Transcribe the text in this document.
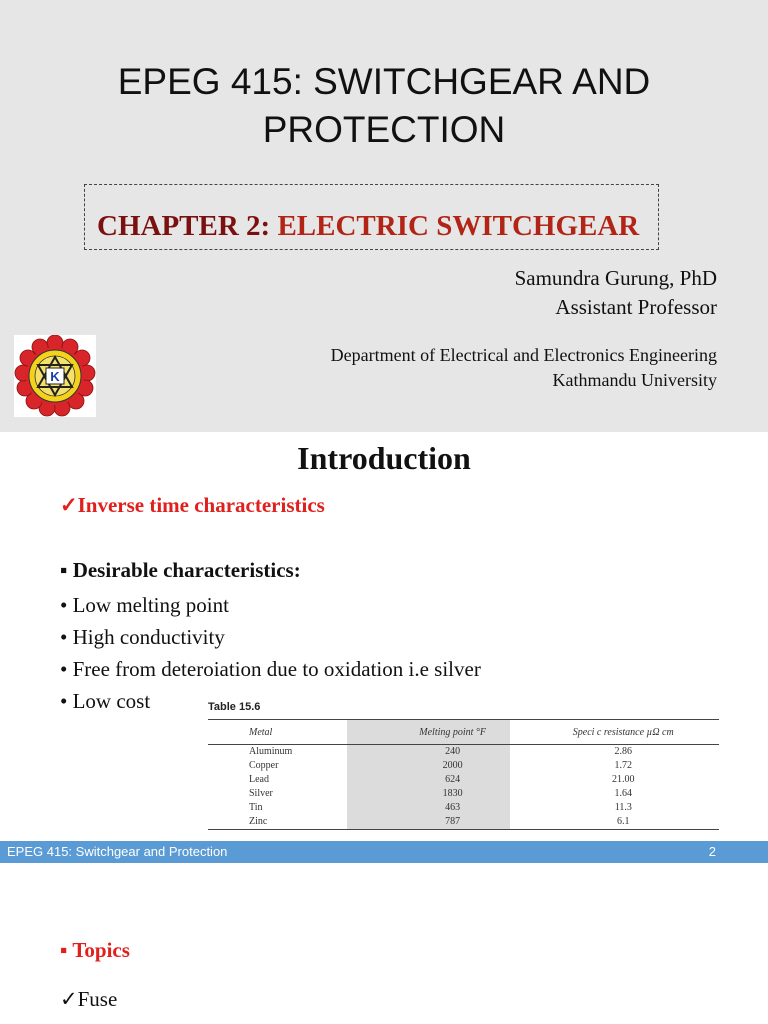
EPEG 415: SWITCHGEAR AND
PROTECTION
CHAPTER 2: ELECTRIC SWITCHGEAR
Samundra Gurung, PhD
Assistant Professor
Department of Electrical and Electronics Engineering
Kathmandu University
K
Introduction
✓Inverse time characteristics
▪ Desirable characteristics:
• Low melting point
• High conductivity
• Free from deteroiation due to oxidation i.e silver
• Low cost	Table 15.6
Metal	Melting point °F	Speci c resistance µΩ cm
Aluminum	240	2.86
Copper	2000	1.72
Lead	624	21.00
Silver	1830	1.64
Tin	463	11.3
Zinc	787	6.1
EPEG 415: Switchgear and Protection	2
▪ Topics
✓Fuse
